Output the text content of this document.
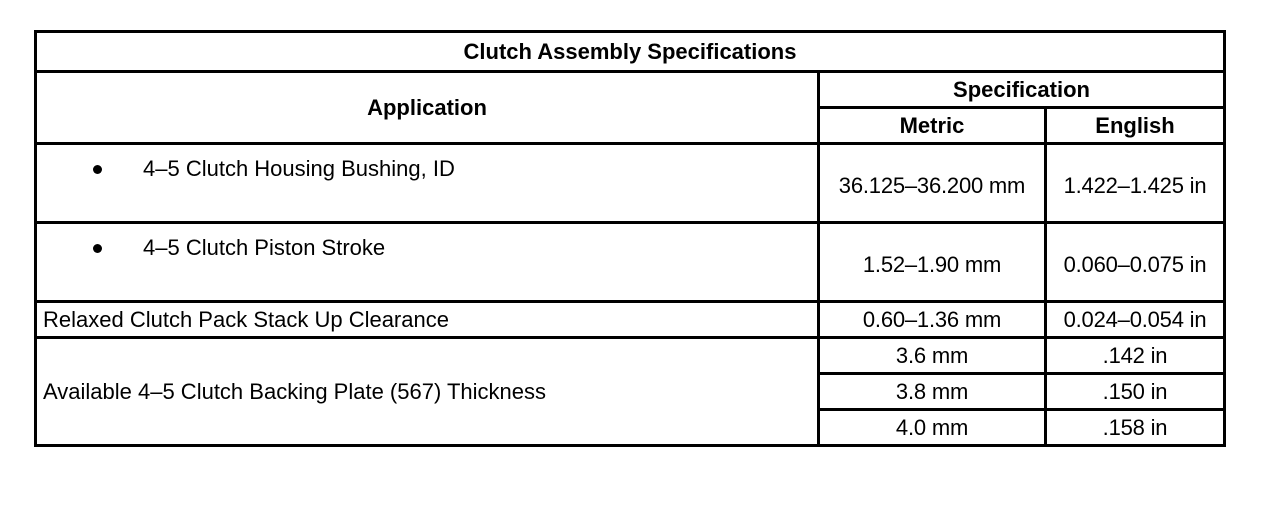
Clutch Assembly Specifications		
Application	Specification	
	Metric	English

4–5 Clutch Housing Bushing, ID	36.125–36.200 mm	1.422–1.425 in

4–5 Clutch Piston Stroke	1.52–1.90 mm	0.060–0.075 in
Relaxed Clutch Pack Stack Up Clearance	0.60–1.36 mm	0.024–0.054 in
Available 4–5 Clutch Backing Plate (567) Thickness	3.6 mm	.142 in
	3.8 mm	.150 in
	4.0 mm	.158 in
